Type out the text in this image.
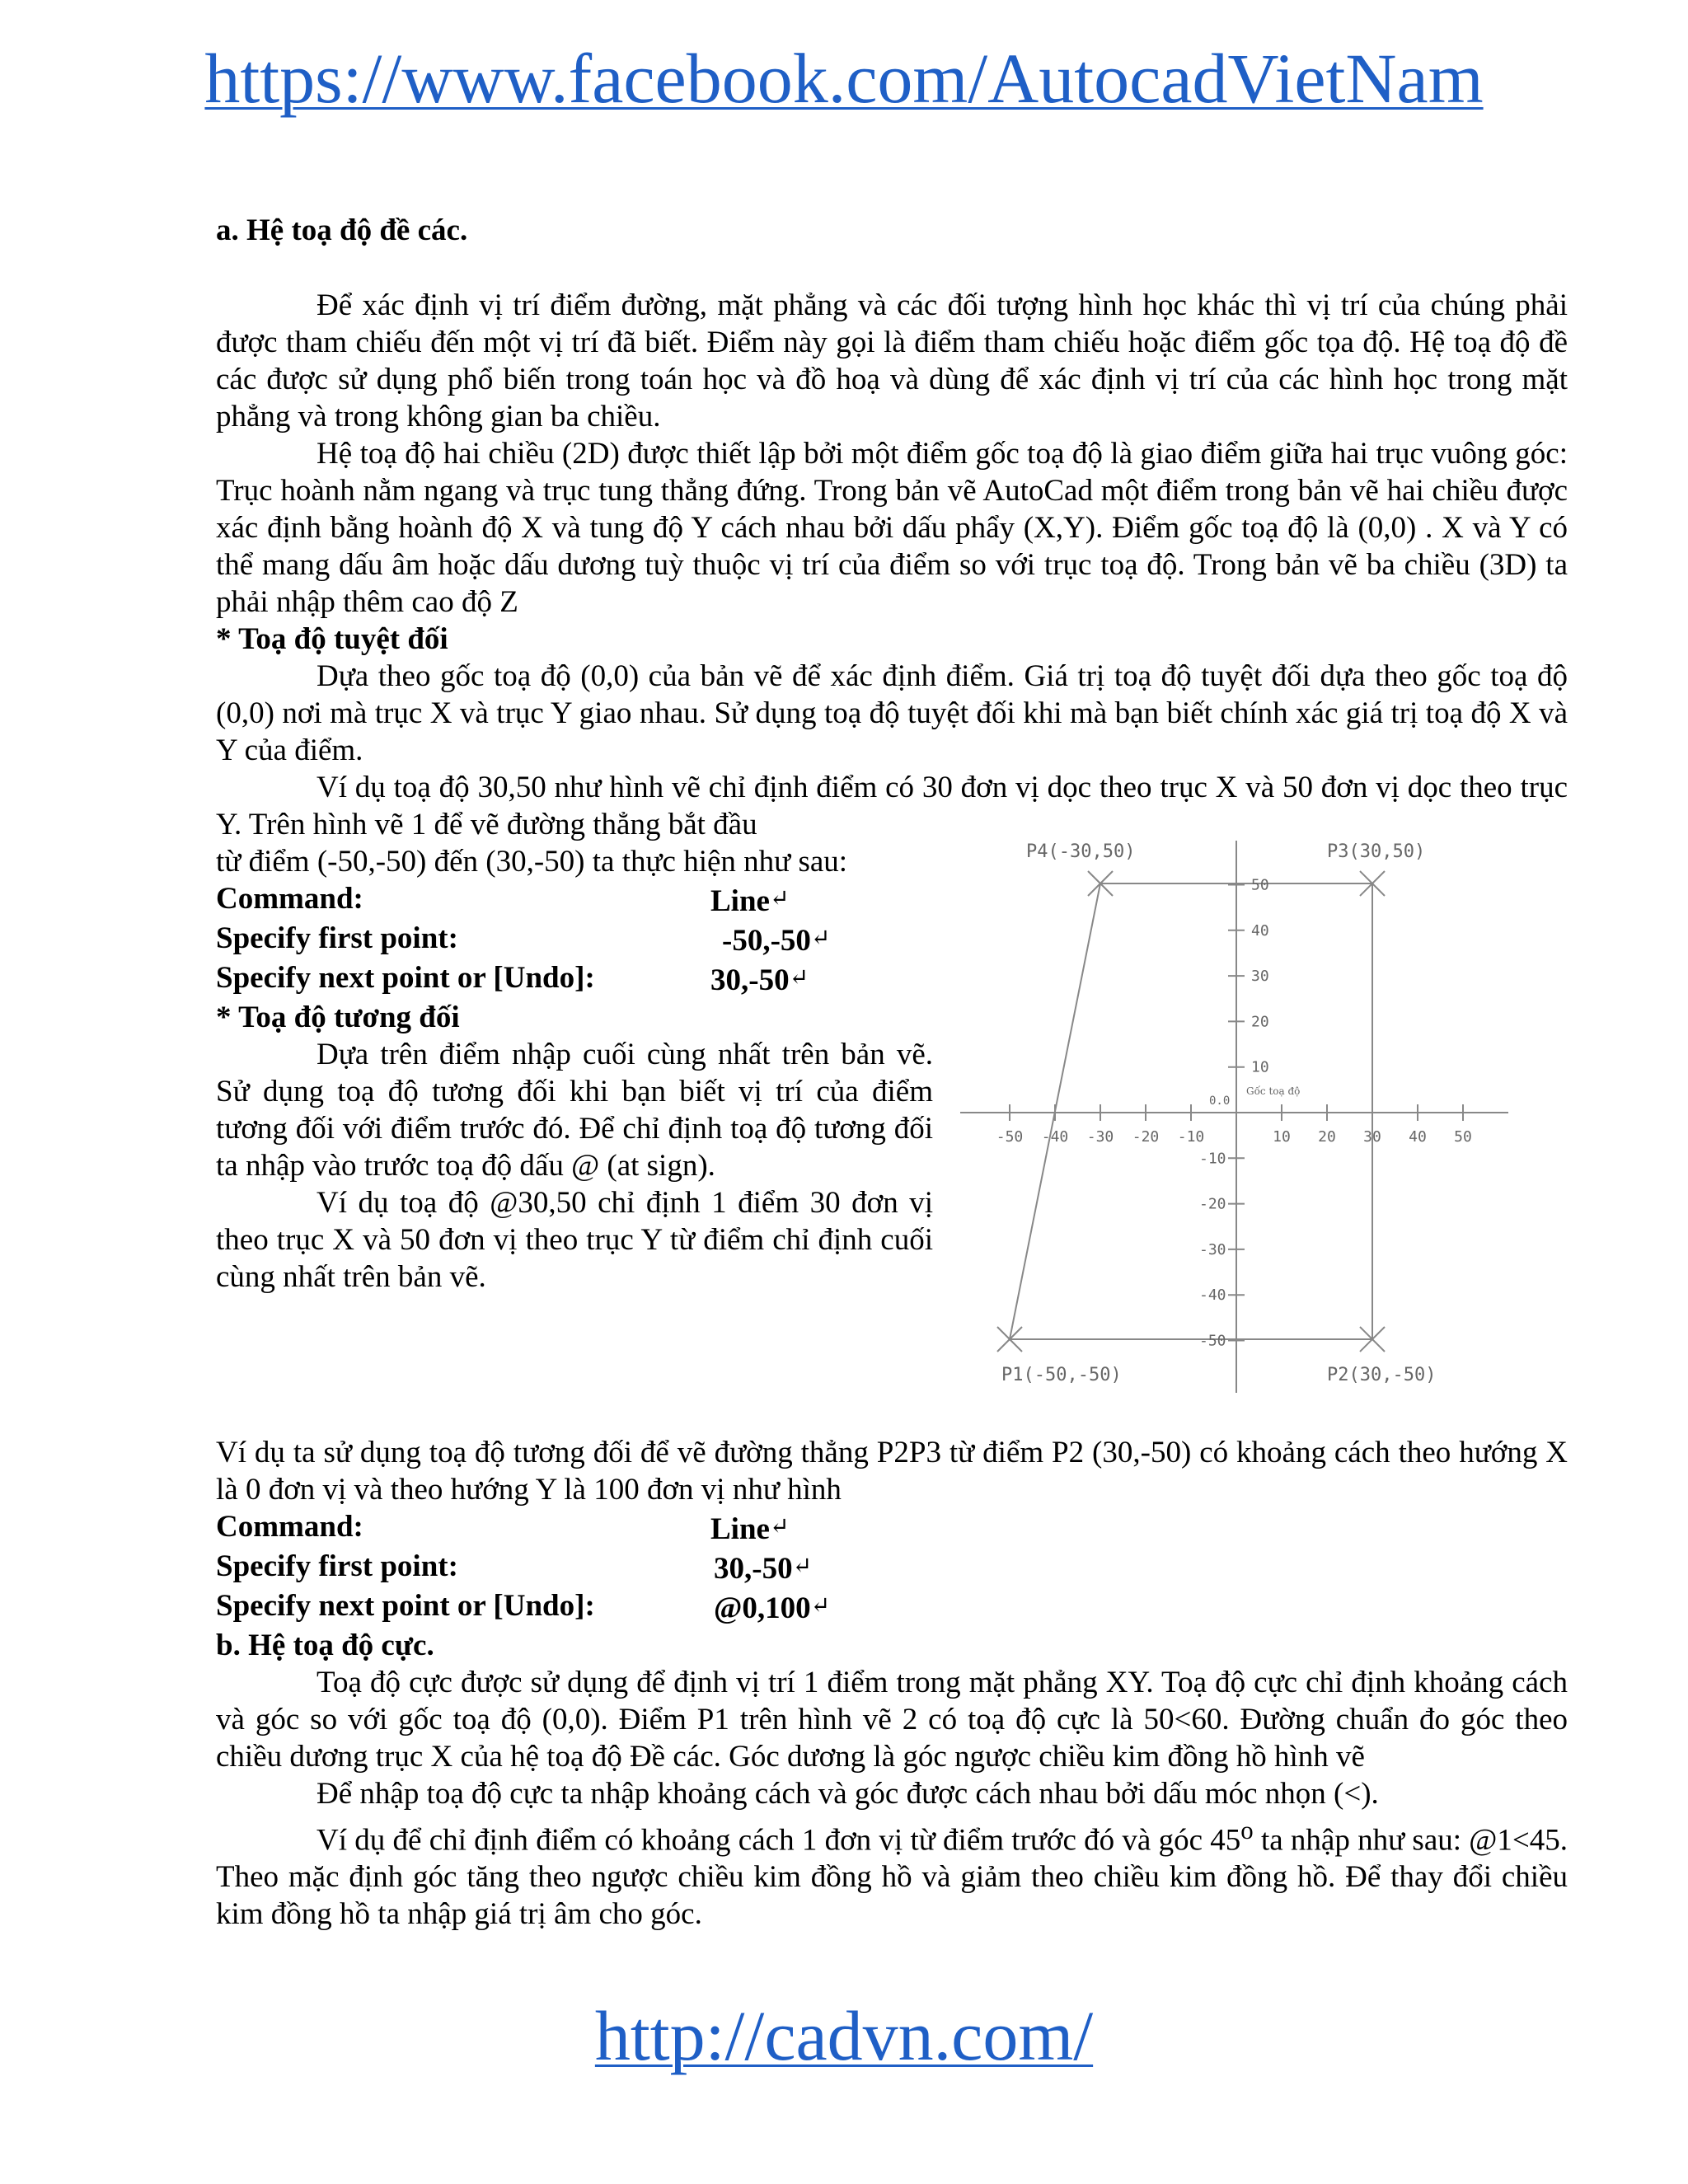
https://www.facebook.com/AutocadVietNam
a. Hệ toạ độ đề các.

Để xác định vị trí điểm đường, mặt phẳng và các đối tượng hình học khác thì vị trí của chúng phải được tham chiếu đến một vị trí đã biết. Điểm này gọi là điểm tham chiếu hoặc điểm gốc tọa độ. Hệ toạ độ đề các được sử dụng phổ biến trong toán học và đồ hoạ và dùng để xác định vị trí của các hình học trong mặt phẳng và trong không gian ba chiều.

Hệ toạ độ hai chiều (2D) được thiết lập bởi một điểm gốc toạ độ là giao điểm giữa hai trục vuông góc: Trục hoành nằm ngang và trục tung thẳng đứng. Trong bản vẽ AutoCad một điểm trong bản vẽ hai chiều được xác định bằng hoành độ X và tung độ Y cách nhau bởi dấu phẩy (X,Y). Điểm gốc toạ độ là (0,0) . X và Y có thể mang dấu âm hoặc dấu dương tuỳ thuộc vị trí của điểm so với trục toạ độ. Trong bản vẽ ba chiều (3D) ta phải nhập thêm cao độ Z

* Toạ độ tuyệt đối

Dựa theo gốc toạ độ (0,0) của bản vẽ để xác định điểm. Giá trị toạ độ tuyệt đối dựa theo gốc toạ độ (0,0) nơi mà trục X và trục Y giao nhau. Sử dụng toạ độ tuyệt đối khi mà bạn biết chính xác giá trị toạ độ X và Y của điểm.

Ví dụ toạ độ 30,50 như hình vẽ chỉ định điểm có 30 đơn vị dọc theo trục X và 50 đơn vị dọc theo trục Y. Trên hình vẽ 1 để vẽ đường thẳng bắt đầu

từ điểm (-50,-50) đến (30,-50) ta thực hiện như sau:

Command:	Line ↵
Specify first point:	-50,-50 ↵
Specify next point or [Undo]:	30,-50 ↵

* Toạ độ tương đối

Dựa trên điểm nhập cuối cùng nhất trên bản vẽ. Sử dụng toạ độ tương đối khi bạn biết vị trí của điểm tương đối với điểm trước đó. Để chỉ định toạ độ tương đối ta nhập vào trước toạ độ dấu @ (at sign).

Ví dụ toạ độ @30,50 chỉ định 1 điểm 30 đơn vị theo trục X và 50 đơn vị theo trục Y từ điểm chỉ định cuối cùng nhất trên bản vẽ.

-50 -40 -30 -20 -10	10 20 30 40 50
50
40
30
20
10
-10
-20
-30
-40
-50
P1(-50,-50)	P2(30,-50)
P3(30,50)
P4(-30,50)
0.0
Gốc toạ độ

Ví dụ ta sử dụng toạ độ tương đối để vẽ đường thẳng P2P3 từ điểm P2 (30,-50) có khoảng cách theo hướng X là 0 đơn vị và theo hướng Y là 100 đơn vị như hình

Command:	Line ↵
Specify first point:	30,-50 ↵
Specify next point or [Undo]:	@0,100 ↵

b. Hệ toạ độ cực.

Toạ độ cực được sử dụng để định vị trí 1 điểm trong mặt phẳng XY. Toạ độ cực chỉ định khoảng cách và góc so với gốc toạ độ (0,0). Điểm P1 trên hình vẽ 2 có toạ độ cực là 50<60. Đường chuẩn đo góc theo chiều dương trục X của hệ toạ độ Đề các. Góc dương là góc ngược chiều kim đồng hồ hình vẽ

Để nhập toạ độ cực ta nhập khoảng cách và góc được cách nhau bởi dấu móc nhọn (<).

Ví dụ để chỉ định điểm có khoảng cách 1 đơn vị từ điểm trước đó và góc 45$^o$ ta nhập như sau: @1<45. Theo mặc định góc tăng theo ngược chiều kim đồng hồ và giảm theo chiều kim đồng hồ. Để thay đổi chiều kim đồng hồ ta nhập giá trị âm cho góc.

http://cadvn.com/
